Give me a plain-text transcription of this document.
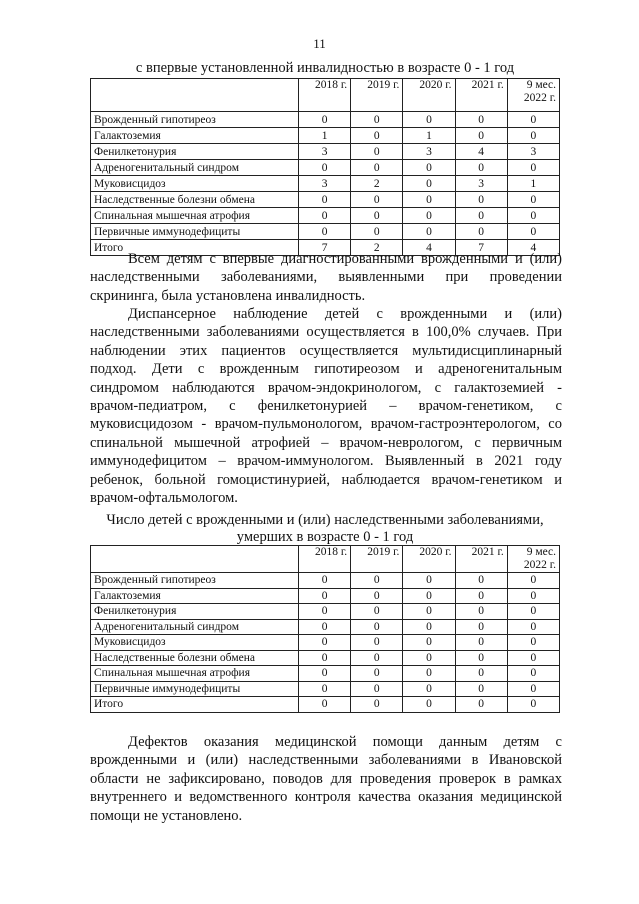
11
с впервые установленной инвалидностью в возрасте 0 - 1 год
	2018 г.	2019 г.	2020 г.	2021 г.	9 мес. 2022 г.
Врожденный гипотиреоз	0	0	0	0	0
Галактоземия	1	0	1	0	0
Фенилкетонурия	3	0	3	4	3
Адреногенитальный синдром	0	0	0	0	0
Муковисцидоз	3	2	0	3	1
Наследственные болезни обмена	0	0	0	0	0
Спинальная мышечная атрофия	0	0	0	0	0
Первичные иммунодефициты	0	0	0	0	0
Итого	7	2	4	7	4

Всем детям с впервые диагностированными врожденными и (или) наследственными заболеваниями, выявленными при проведении скрининга, была установлена инвалидность.

Диспансерное наблюдение детей с врожденными и (или) наследственными заболеваниями осуществляется в 100,0% случаев. При наблюдении этих пациентов осуществляется мультидисциплинарный подход. Дети с врожденным гипотиреозом и адреногенитальным синдромом наблюдаются врачом-эндокринологом, с галактоземией - врачом-педиатром, с фенилкетонурией – врачом-генетиком, с муковисцидозом - врачом-пульмонологом, врачом-гастроэнтерологом, со спинальной мышечной атрофией – врачом-неврологом, с первичным иммунодефицитом – врачом-иммунологом. Выявленный в 2021 году ребенок, больной гомоцистинурией, наблюдается врачом-генетиком и врачом-офтальмологом.

Число детей с врожденными и (или) наследственными заболеваниями, умерших в возрасте 0 - 1 год
	2018 г.	2019 г.	2020 г.	2021 г.	9 мес. 2022 г.
Врожденный гипотиреоз	0	0	0	0	0
Галактоземия	0	0	0	0	0
Фенилкетонурия	0	0	0	0	0
Адреногенитальный синдром	0	0	0	0	0
Муковисцидоз	0	0	0	0	0
Наследственные болезни обмена	0	0	0	0	0
Спинальная мышечная атрофия	0	0	0	0	0
Первичные иммунодефициты	0	0	0	0	0
Итого	0	0	0	0	0

Дефектов оказания медицинской помощи данным детям с врожденными и (или) наследственными заболеваниями в Ивановской области не зафиксировано, поводов для проведения проверок в рамках внутреннего и ведомственного контроля качества оказания медицинской помощи не установлено.
